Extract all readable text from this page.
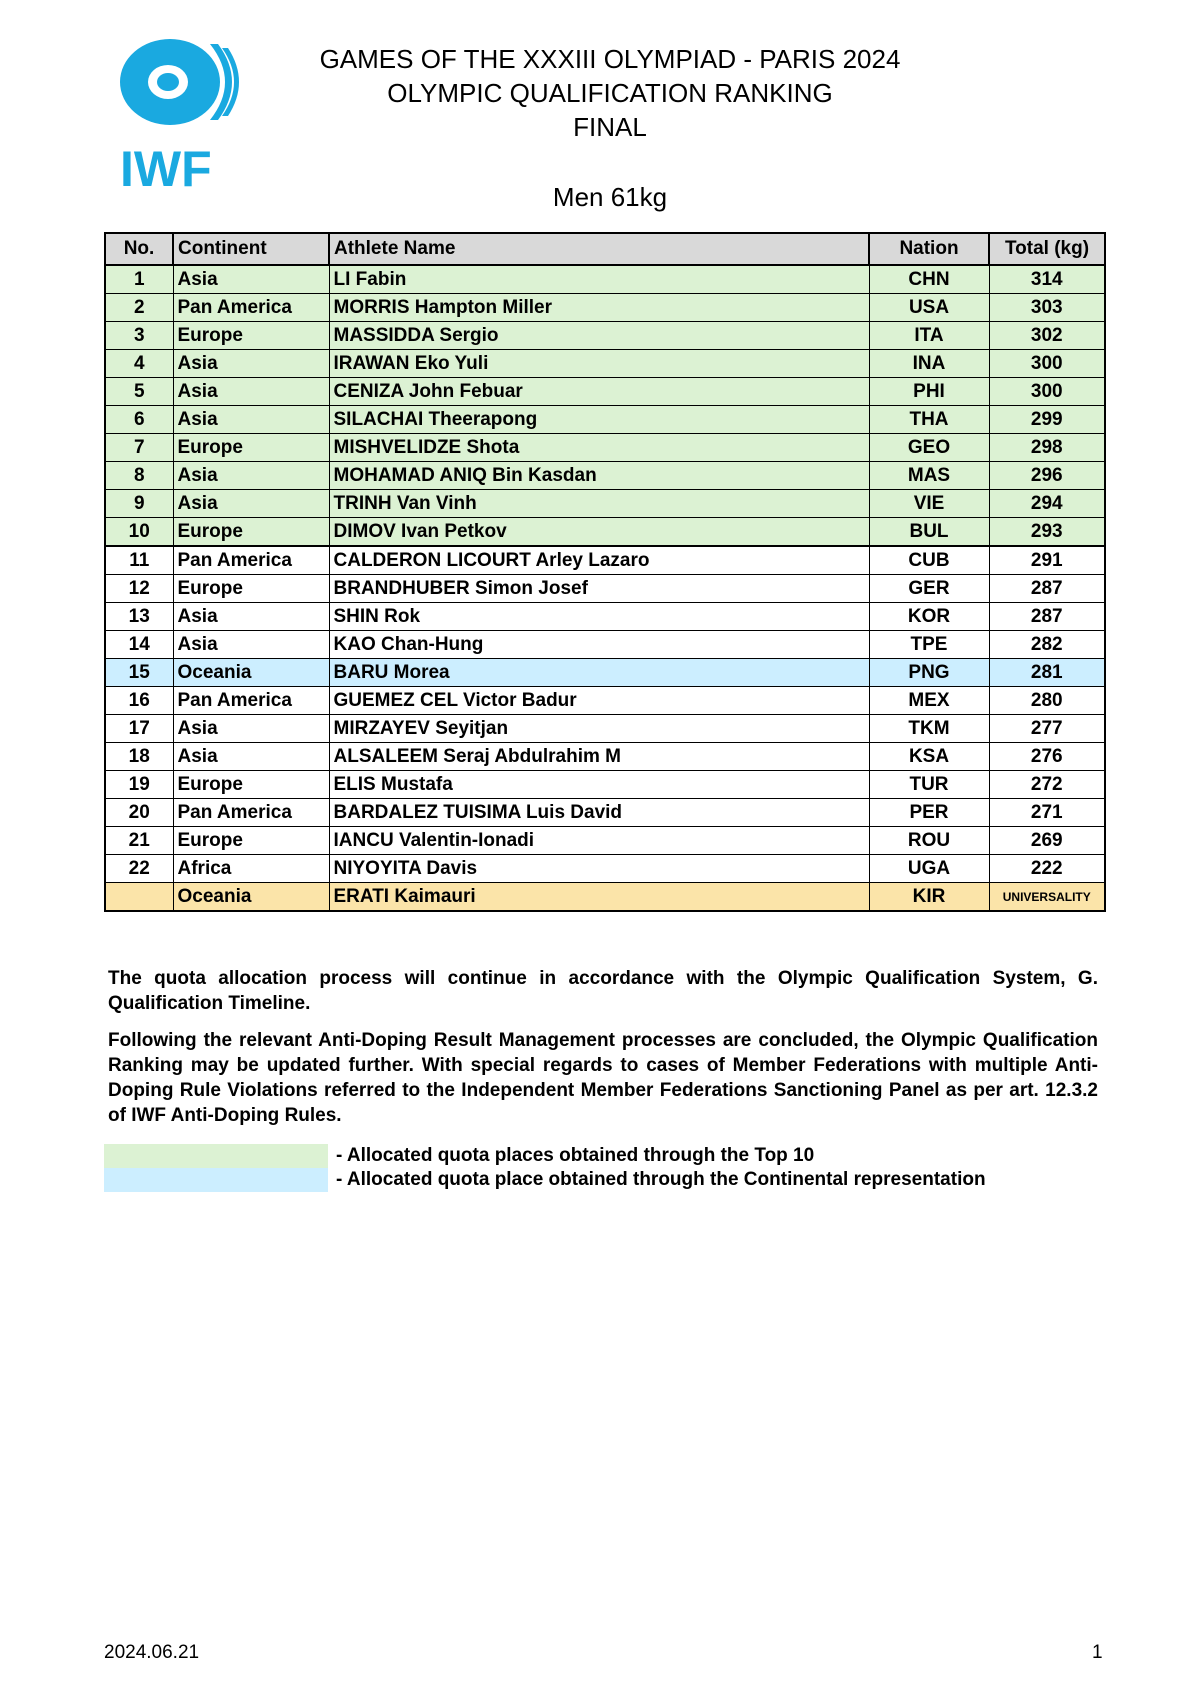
IWF
GAMES OF THE XXXIII OLYMPIAD - PARIS 2024
OLYMPIC QUALIFICATION RANKING
FINAL
Men 61kg
No.	Continent	Athlete Name	Nation	Total (kg)
1	Asia	LI Fabin	CHN	314
2	Pan America	MORRIS Hampton Miller	USA	303
3	Europe	MASSIDDA Sergio	ITA	302
4	Asia	IRAWAN Eko Yuli	INA	300
5	Asia	CENIZA John Febuar	PHI	300
6	Asia	SILACHAI Theerapong	THA	299
7	Europe	MISHVELIDZE Shota	GEO	298
8	Asia	MOHAMAD ANIQ Bin Kasdan	MAS	296
9	Asia	TRINH Van Vinh	VIE	294
10	Europe	DIMOV Ivan Petkov	BUL	293
11	Pan America	CALDERON LICOURT Arley Lazaro	CUB	291
12	Europe	BRANDHUBER Simon Josef	GER	287
13	Asia	SHIN Rok	KOR	287
14	Asia	KAO Chan-Hung	TPE	282
15	Oceania	BARU Morea	PNG	281
16	Pan America	GUEMEZ CEL Victor Badur	MEX	280
17	Asia	MIRZAYEV Seyitjan	TKM	277
18	Asia	ALSALEEM Seraj Abdulrahim M	KSA	276
19	Europe	ELIS Mustafa	TUR	272
20	Pan America	BARDALEZ TUISIMA Luis David	PER	271
21	Europe	IANCU Valentin-Ionadi	ROU	269
22	Africa	NIYOYITA Davis	UGA	222
	Oceania	ERATI Kaimauri	KIR	UNIVERSALITY

The quota allocation process will continue in accordance with the Olympic Qualification System, G. Qualification Timeline.

Following the relevant Anti-Doping Result Management processes are concluded, the Olympic Qualification Ranking may be updated further. With special regards to cases of Member Federations with multiple Anti-Doping Rule Violations referred to the Independent Member Federations Sanctioning Panel as per art. 12.3.2 of IWF Anti-Doping Rules.

- Allocated quota places obtained through the Top 10
- Allocated quota place obtained through the Continental representation
2024.06.21	1
